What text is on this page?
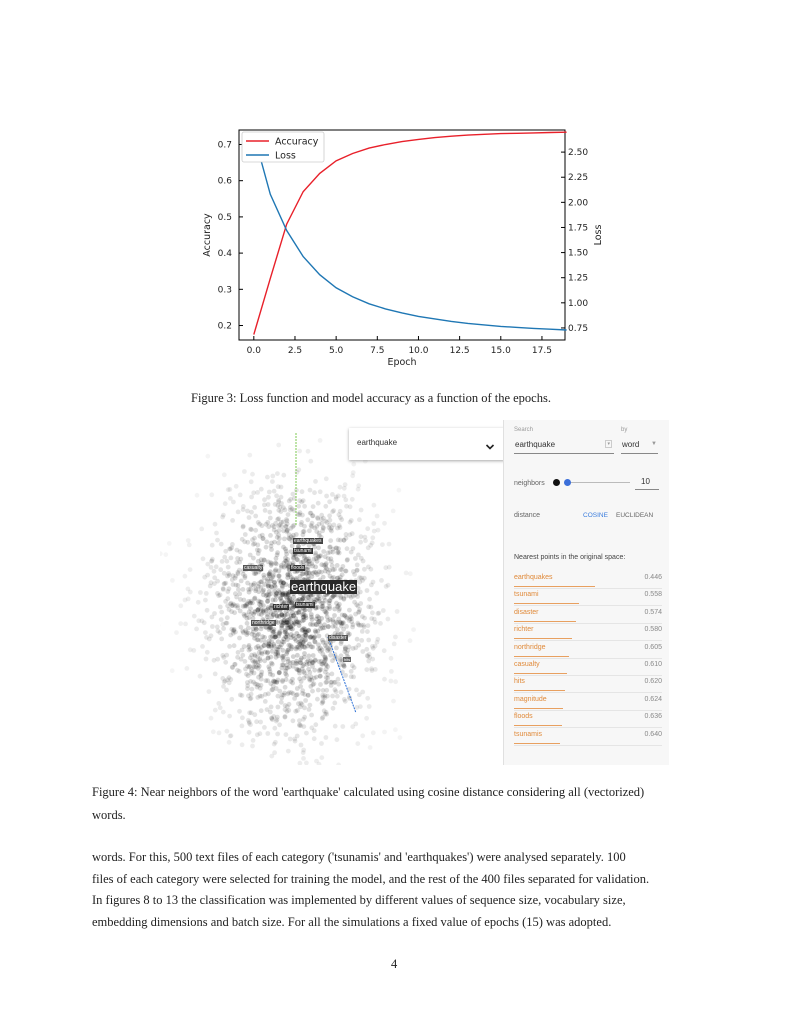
0.0	2.5	5.0	7.5	10.0 12.5 15.0 17.5
0.2
0.3
0.4
0.5
0.6
0.7
0.75
1.00
1.25
1.50
1.75
2.00
2.25
2.50
Epoch
Accuracy	Loss
Accuracy
Loss
Figure 3: Loss function and model accuracy as a function of the epochs.
earthquake
earthquakes
tsunami
floods
casualty
richter tsunami
northridge
disaster
hits
earthquake
Search	by
earthquake	▾ word ▼
neighbors	10
distance	COSINE EUCLIDEAN
Nearest points in the original space:
earthquakes	0.446
tsunami	0.558
disaster	0.574
richter	0.580
northridge	0.605
casualty	0.610
hits	0.620
magnitude	0.624
floods	0.636
tsunamis	0.640
Figure 4: Near neighbors of the word 'earthquake' calculated using cosine distance considering all (vectorized)
words.
words. For this, 500 text files of each category ('tsunamis' and 'earthquakes') were analysed separately. 100
files of each category were selected for training the model, and the rest of the 400 files separated for validation.
In figures 8 to 13 the classification was implemented by different values of sequence size, vocabulary size,
embedding dimensions and batch size. For all the simulations a fixed value of epochs (15) was adopted.
4
